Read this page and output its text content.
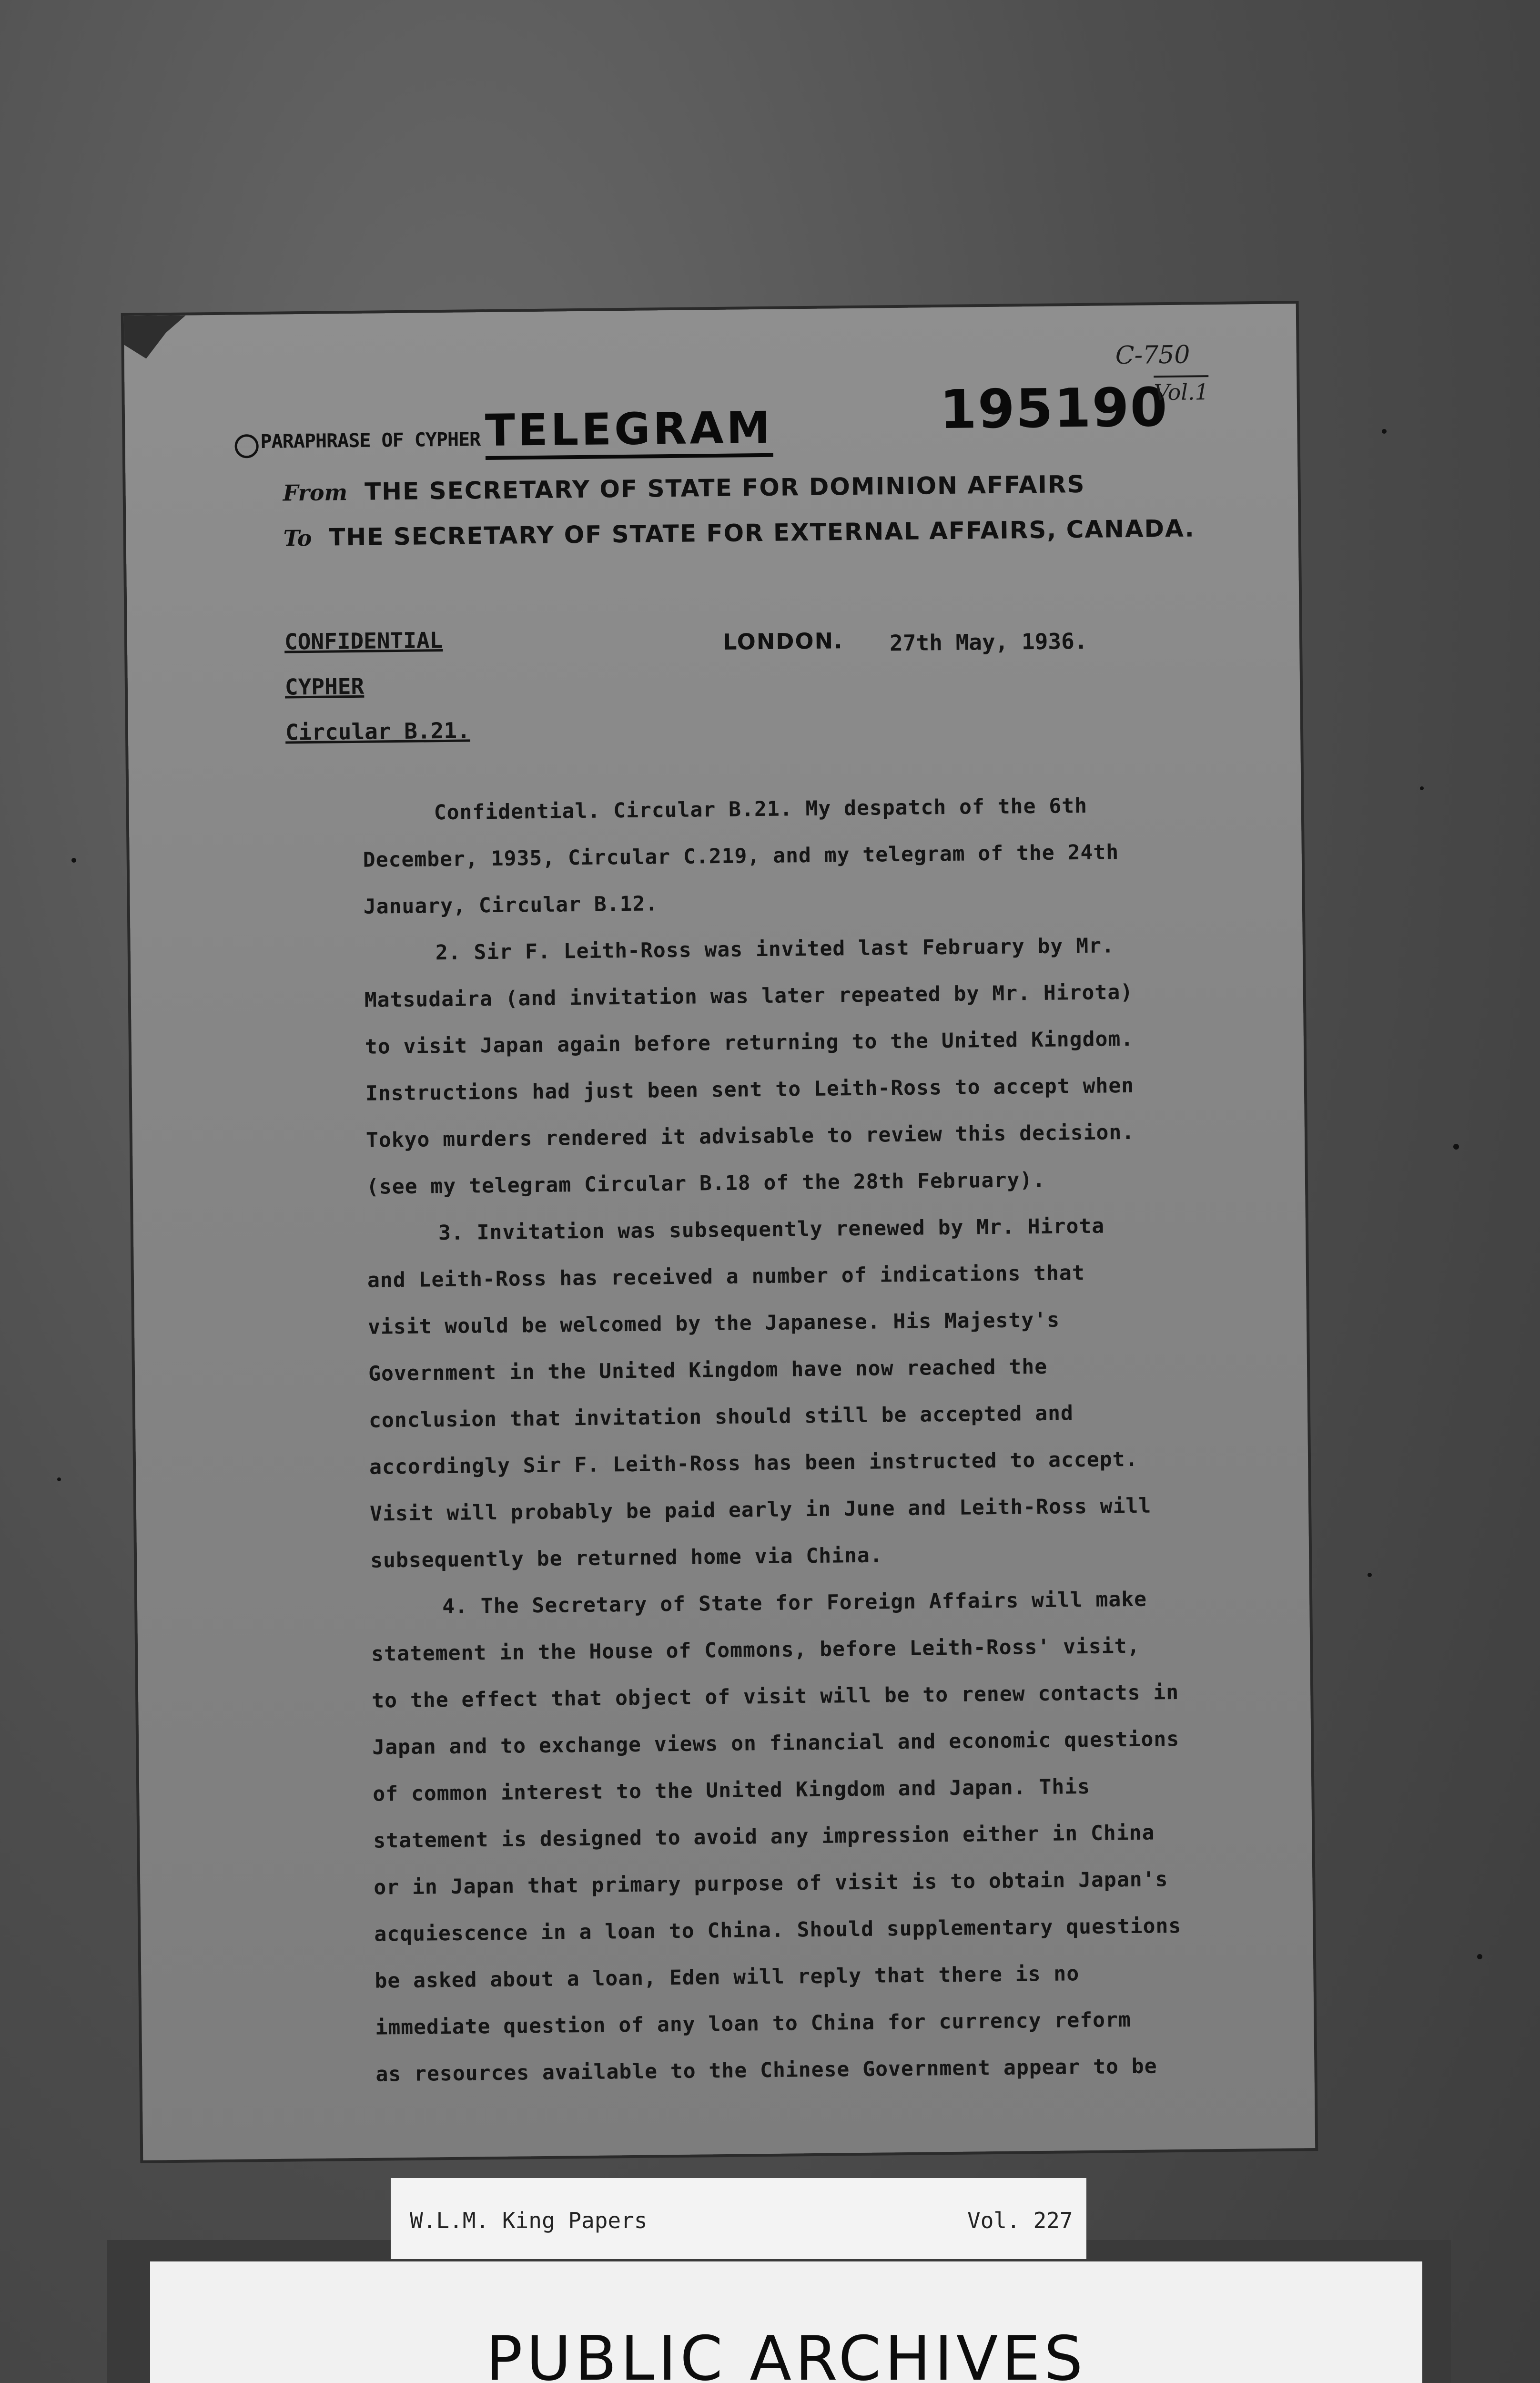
PARAPHRASE OF CYPHERTELEGRAM	195190
C-750
Vol.1
From THE SECRETARY OF STATE FOR DOMINION AFFAIRS
To THE SECRETARY OF STATE FOR EXTERNAL AFFAIRS, CANADA.
CONFIDENTIAL
CYPHER
Circular B.21.
LONDON. 27th May, 1936.
Confidential. Circular B.21. My despatch of the 6th
December, 1935, Circular C.219, and my telegram of the 24th
January, Circular B.12.
2. Sir F. Leith-Ross was invited last February by Mr.
Matsudaira (and invitation was later repeated by Mr. Hirota)
to visit Japan again before returning to the United Kingdom.
Instructions had just been sent to Leith-Ross to accept when
Tokyo murders rendered it advisable to review this decision.
(see my telegram Circular B.18 of the 28th February).
3. Invitation was subsequently renewed by Mr. Hirota
and Leith-Ross has received a number of indications that
visit would be welcomed by the Japanese. His Majesty's
Government in the United Kingdom have now reached the
conclusion that invitation should still be accepted and
accordingly Sir F. Leith-Ross has been instructed to accept.
Visit will probably be paid early in June and Leith-Ross will
subsequently be returned home via China.
4. The Secretary of State for Foreign Affairs will make
statement in the House of Commons, before Leith-Ross' visit,
to the effect that object of visit will be to renew contacts in
Japan and to exchange views on financial and economic questions
of common interest to the United Kingdom and Japan. This
statement is designed to avoid any impression either in China
or in Japan that primary purpose of visit is to obtain Japan's
acquiescence in a loan to China. Should supplementary questions
be asked about a loan, Eden will reply that there is no
immediate question of any loan to China for currency reform
as resources available to the Chinese Government appear to be
W.L.M. King Papers	Vol. 227
PUBLIC ARCHIVES
